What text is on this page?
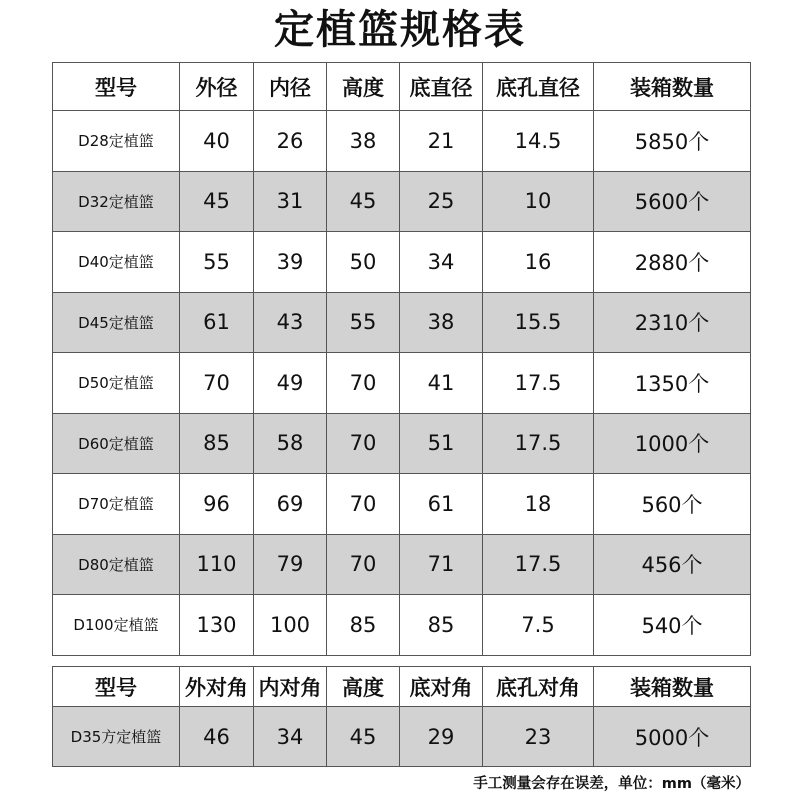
定植篮规格表
型号	外径	内径	高度	底直径	底孔直径	装箱数量
D28定植篮	40	26	38	21	14.5	5850个
D32定植篮	45	31	45	25	10	5600个
D40定植篮	55	39	50	34	16	2880个
D45定植篮	61	43	55	38	15.5	2310个
D50定植篮	70	49	70	41	17.5	1350个
D60定植篮	85	58	70	51	17.5	1000个
D70定植篮	96	69	70	61	18	560个
D80定植篮	110	79	70	71	17.5	456个
D100定植篮	130	100	85	85	7.5	540个
型号	外对角	内对角	高度	底对角	底孔对角	装箱数量
D35方定植篮	46	34	45	29	23	5000个
手工测量会存在误差，单位：mm（毫米）
